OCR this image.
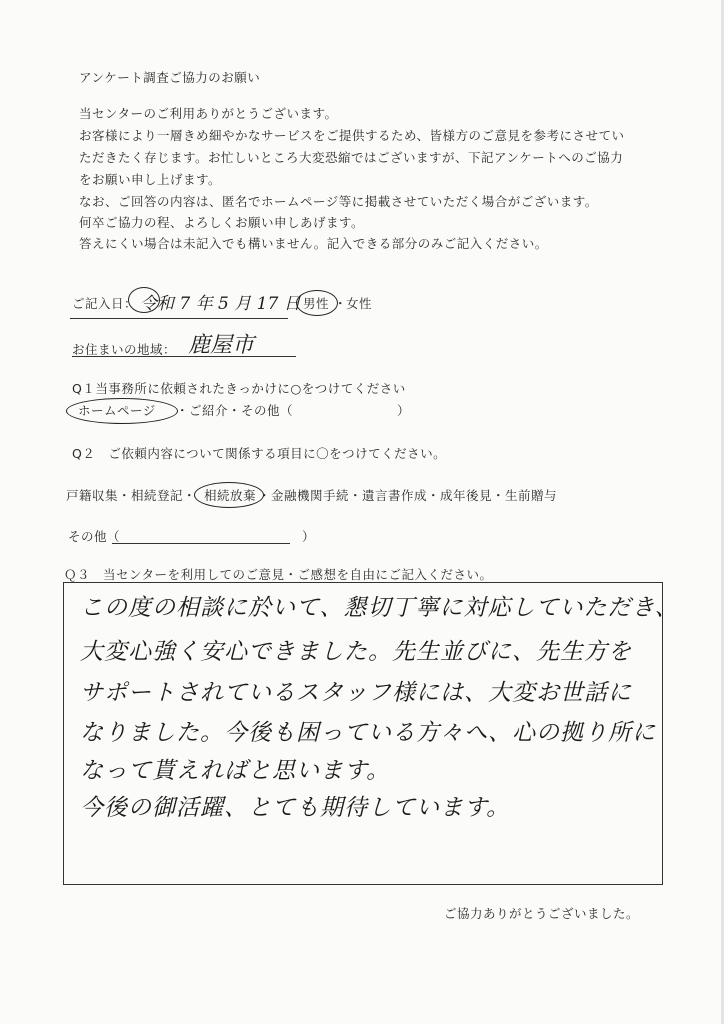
アンケート調査ご協力のお願い
当センターのご利用ありがとうございます。
お客様により一層きめ細やかなサービスをご提供するため、皆様方のご意見を参考にさせてい
ただきたく存じます。お忙しいところ大変恐縮ではございますが、下記アンケートへのご協力
をお願い申し上げます。
なお、ご回答の内容は、匿名でホームページ等に掲載させていただく場合がございます。
何卒ご協力の程、よろしくお願い申しあげます。
答えにくい場合は未記入でも構いません。記入できる部分のみご記入ください。
ご記入日： 令和 7 年 5 月 17 日 男性 ・
女性
お住まいの地域： 鹿屋市
Q１当事務所に依頼されたきっかけに○をつけてください
ホームページ ・ご紹介・その他（　　　　　　　　）
Q２　ご依頼内容について関係する項目に〇をつけてください。
戸籍収集・相続登記・ 相続放棄 ・金融機関手続・遺言書作成・成年後見・生前贈与
その他（　　　　　　　　　　　　　　）
Ｑ３　当センターを利用してのご意見・ご感想を自由にご記入ください。
この度の相談に於いて、懇切丁寧に対応していただき、
大変心強く安心できました。先生並びに、先生方を
サポートされているスタッフ様には、大変お世話に
なりました。今後も困っている方々へ、心の拠り所に
なって貰えればと思います。
今後の御活躍、とても期待しています。
ご協力ありがとうございました。
